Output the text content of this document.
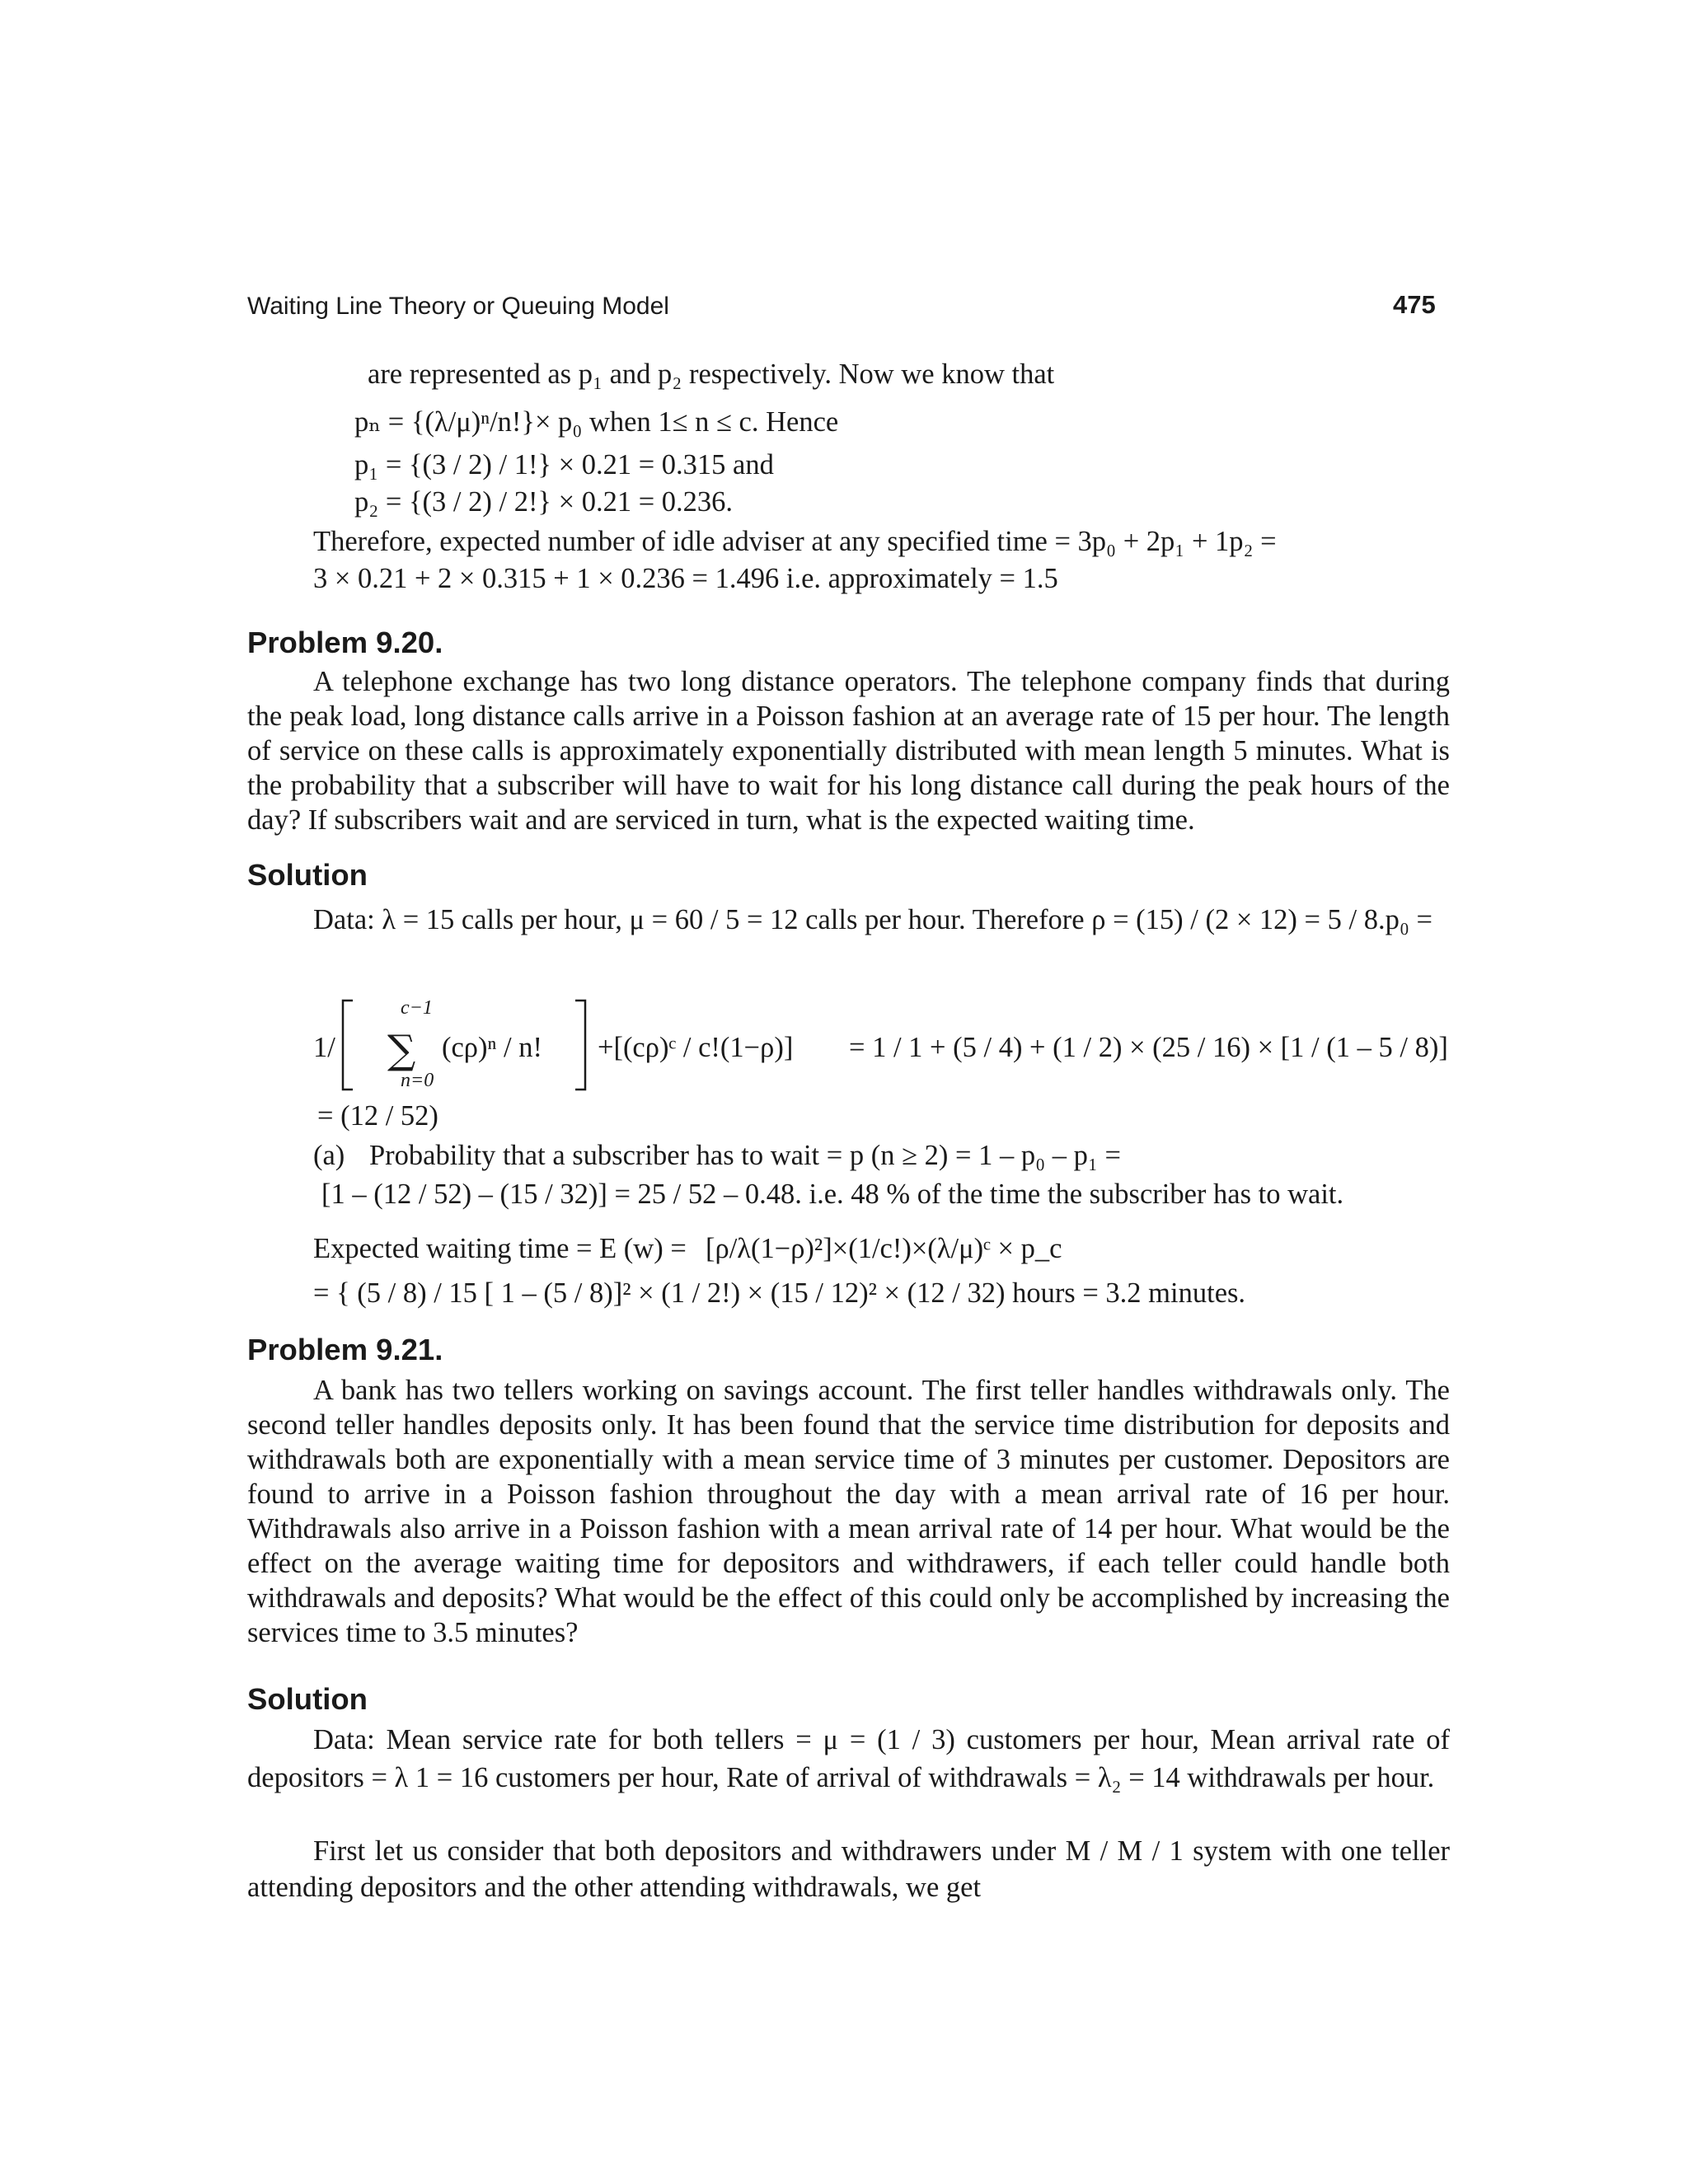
Waiting Line Theory or Queuing Model	475
are represented as p₁ and p₂ respectively. Now we know that
pₙ = {(λ/μ)ⁿ/n!}× p₀ when 1≤ n ≤ c. Hence
p₁ = {(3 / 2) / 1!} × 0.21 = 0.315 and
p₂ = {(3 / 2) / 2!} × 0.21 = 0.236.
Therefore, expected number of idle adviser at any specified time = 3p₀ + 2p₁ + 1p₂ =
3 × 0.21 + 2 × 0.315 + 1 × 0.236 = 1.496 i.e. approximately = 1.5
Problem 9.20.
A telephone exchange has two long distance operators. The telephone company finds that during the peak load, long distance calls arrive in a Poisson fashion at an average rate of 15 per hour. The length of service on these calls is approximately exponentially distributed with mean length 5 minutes. What is the probability that a subscriber will have to wait for his long distance call during the peak hours of the day? If subscribers wait and are serviced in turn, what is the expected waiting time.
Solution
Data: λ = 15 calls per hour, μ = 60 / 5 = 12 calls per hour. Therefore ρ = (15) / (2 × 12) = 5 / 8.p₀ =
1/ ∑
c−1
n=0
(cρ)ⁿ / n! +[(cρ)ᶜ / c!(1−ρ)] = 1 / 1 + (5 / 4) + (1 / 2) × (25 / 16) × [1 / (1 – 5 / 8)]
= (12 / 52)
(a) Probability that a subscriber has to wait = p (n ≥ 2) = 1 – p₀ – p₁ =
[1 – (12 / 52) – (15 / 32)] = 25 / 52 – 0.48. i.e. 48 % of the time the subscriber has to wait.
Expected waiting time = E (w) = [ρ/λ(1−ρ)²]×(1/c!)×(λ/μ)ᶜ × p_c
= { (5 / 8) / 15 [ 1 – (5 / 8)]² × (1 / 2!) × (15 / 12)² × (12 / 32) hours = 3.2 minutes.
Problem 9.21.
A bank has two tellers working on savings account. The first teller handles withdrawals only. The second teller handles deposits only. It has been found that the service time distribution for deposits and withdrawals both are exponentially with a mean service time of 3 minutes per customer. Depositors are found to arrive in a Poisson fashion throughout the day with a mean arrival rate of 16 per hour. Withdrawals also arrive in a Poisson fashion with a mean arrival rate of 14 per hour. What would be the effect on the average waiting time for depositors and withdrawers, if each teller could handle both withdrawals and deposits? What would be the effect of this could only be accomplished by increasing the services time to 3.5 minutes?
Solution
Data: Mean service rate for both tellers = μ = (1 / 3) customers per hour, Mean arrival rate of depositors = λ 1 = 16 customers per hour, Rate of arrival of withdrawals = λ₂ = 14 withdrawals per hour.
First let us consider that both depositors and withdrawers under M / M / 1 system with one teller attending depositors and the other attending withdrawals, we get
